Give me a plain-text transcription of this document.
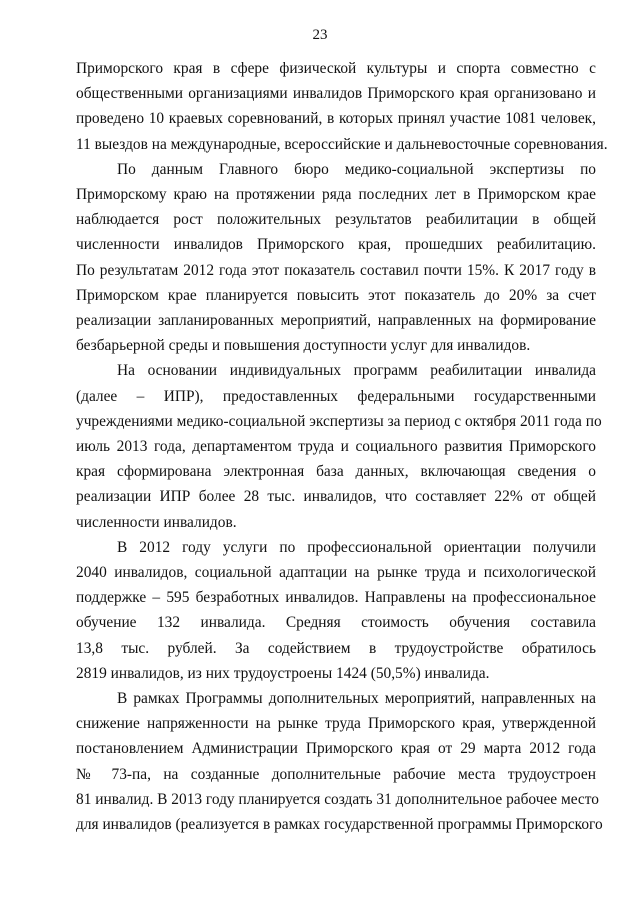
23

Приморского края в сфере физической культуры и спорта совместно с
общественными организациями инвалидов Приморского края организовано и
проведено 10 краевых соревнований, в которых принял участие 1081 человек,
11 выездов на международные, всероссийские и дальневосточные соревнования.

По данным Главного бюро медико-социальной экспертизы по
Приморскому краю на протяжении ряда последних лет в Приморском крае
наблюдается рост положительных результатов реабилитации в общей
численности инвалидов Приморского края, прошедших реабилитацию.
По результатам 2012 года этот показатель составил почти 15%. К 2017 году в
Приморском крае планируется повысить этот показатель до 20% за счет
реализации запланированных мероприятий, направленных на формирование
безбарьерной среды и повышения доступности услуг для инвалидов.

На основании индивидуальных программ реабилитации инвалида
(далее – ИПР), предоставленных федеральными государственными
учреждениями медико-социальной экспертизы за период с октября 2011 года по
июль 2013 года, департаментом труда и социального развития Приморского
края сформирована электронная база данных, включающая сведения о
реализации ИПР более 28 тыс. инвалидов, что составляет 22% от общей
численности инвалидов.

В 2012 году услуги по профессиональной ориентации получили
2040 инвалидов, социальной адаптации на рынке труда и психологической
поддержке – 595 безработных инвалидов. Направлены на профессиональное
обучение 132 инвалида. Средняя стоимость обучения составила
13,8 тыс. рублей. За содействием в трудоустройстве обратилось
2819 инвалидов, из них трудоустроены 1424 (50,5%) инвалида.

В рамках Программы дополнительных мероприятий, направленных на
снижение напряженности на рынке труда Приморского края, утвержденной
постановлением Администрации Приморского края от 29 марта 2012 года
№ 73-па, на созданные дополнительные рабочие места трудоустроен
81 инвалид. В 2013 году планируется создать 31 дополнительное рабочее место
для инвалидов (реализуется в рамках государственной программы Приморского
